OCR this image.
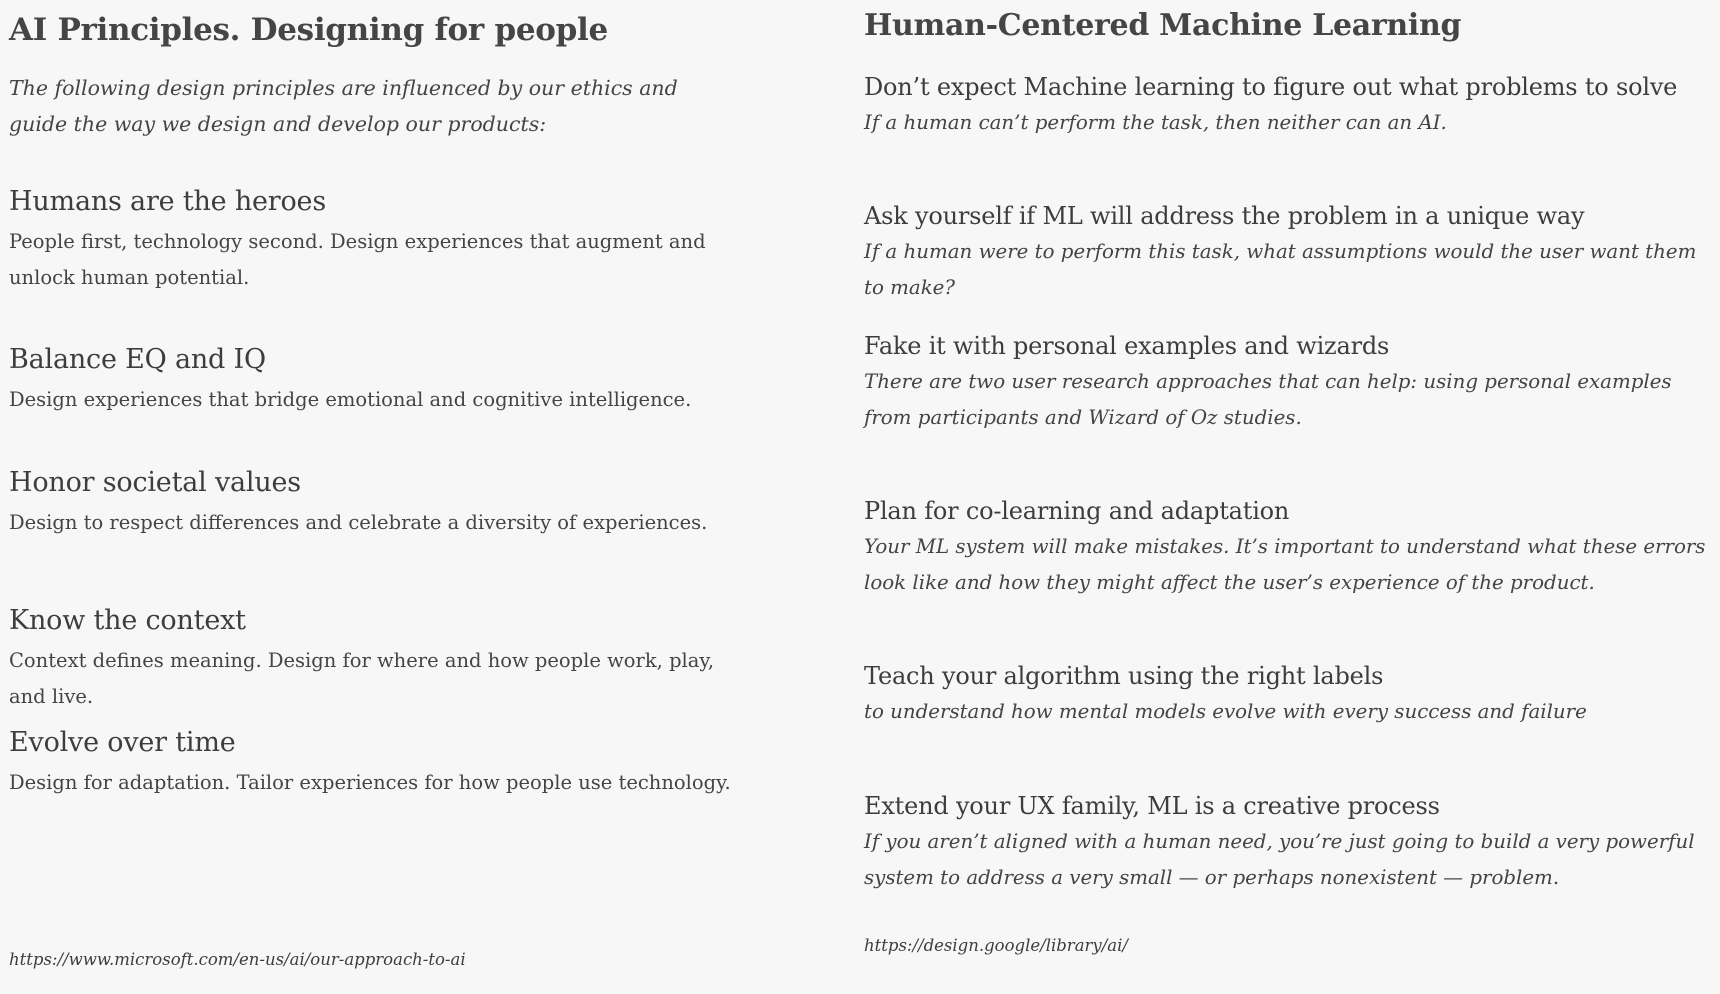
AI Principles. Designing for people

The following design principles are influenced by our ethics and guide the way we design and develop our products:

Humans are the heroes

People first, technology second. Design experiences that augment and unlock human potential.

Balance EQ and IQ

Design experiences that bridge emotional and cognitive intelligence.

Honor societal values

Design to respect differences and celebrate a diversity of experiences.

Know the context

Context defines meaning. Design for where and how people work, play, and live.

Evolve over time

Design for adaptation. Tailor experiences for how people use technology.

https://www.microsoft.com/en-us/ai/our-approach-to-ai

Human-Centered Machine Learning
Don’t expect Machine learning to figure out what problems to solve

If a human can’t perform the task, then neither can an AI.

Ask yourself if ML will address the problem in a unique way

If a human were to perform this task, what assumptions would the user want them to make?

Fake it with personal examples and wizards

There are two user research approaches that can help: using personal examples from participants and Wizard of Oz studies.

Plan for co-learning and adaptation

Your ML system will make mistakes. It’s important to understand what these errors look like and how they might affect the user’s experience of the product.

Teach your algorithm using the right labels

to understand how mental models evolve with every success and failure

Extend your UX family, ML is a creative process

If you aren’t aligned with a human need, you’re just going to build a very powerful system to address a very small — or perhaps nonexistent — problem.

https://design.google/library/ai/
